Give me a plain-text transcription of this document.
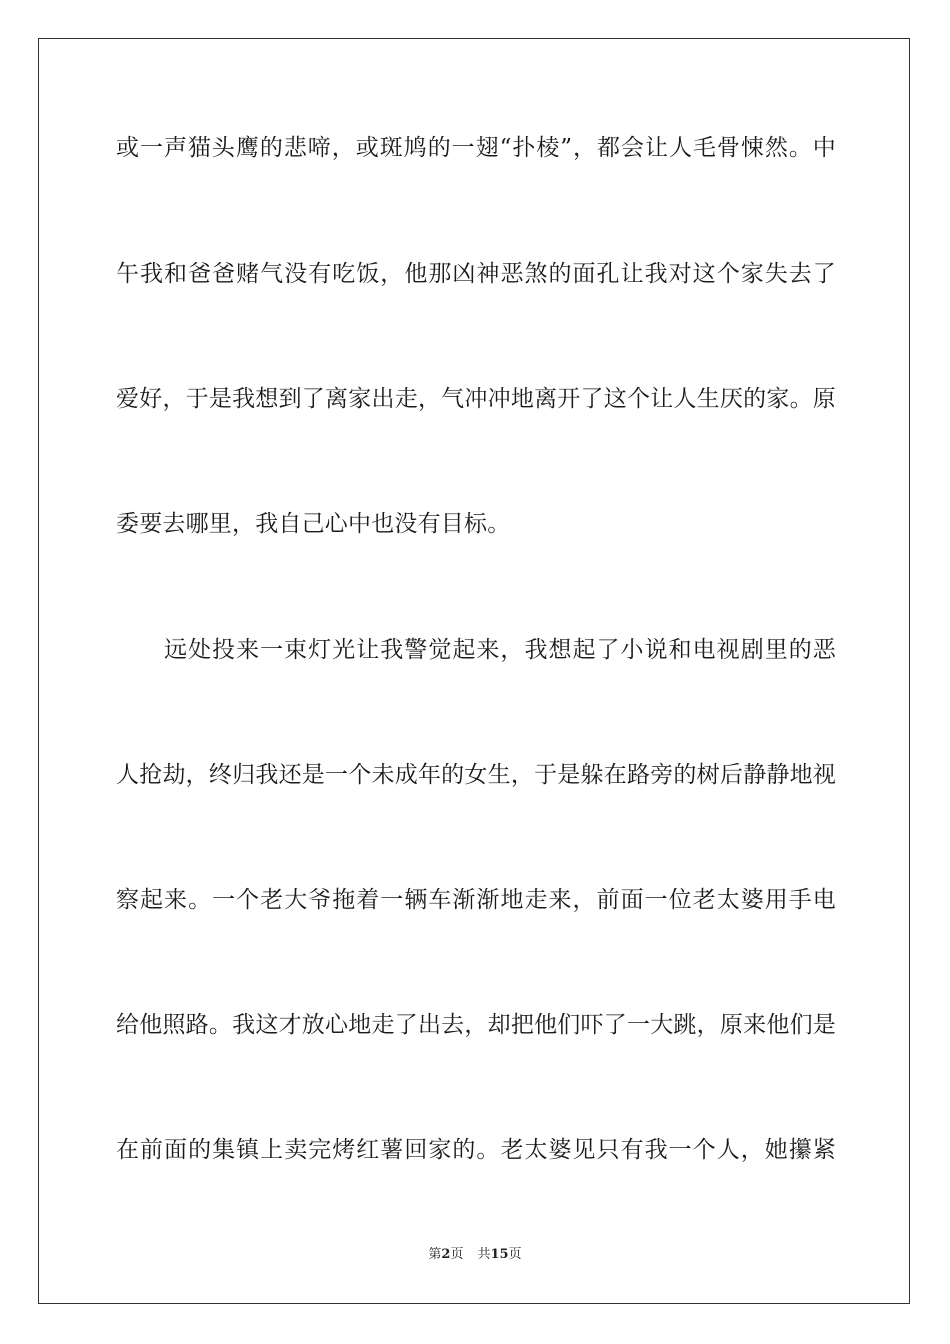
或一声猫头鹰的悲啼，或斑鸠的一翅“扑棱”，都会让人毛骨悚然。中
午我和爸爸赌气没有吃饭，他那凶神恶煞的面孔让我对这个家失去了
爱好，于是我想到了离家出走，气冲冲地离开了这个让人生厌的家。原
委要去哪里，我自己心中也没有目标。
远处投来一束灯光让我警觉起来，我想起了小说和电视剧里的恶
人抢劫，终归我还是一个未成年的女生，于是躲在路旁的树后静静地视
察起来。一个老大爷拖着一辆车渐渐地走来，前面一位老太婆用手电
给他照路。我这才放心地走了出去，却把他们吓了一大跳，原来他们是
在前面的集镇上卖完烤红薯回家的。老太婆见只有我一个人，她攥紧
第2页 共15页
